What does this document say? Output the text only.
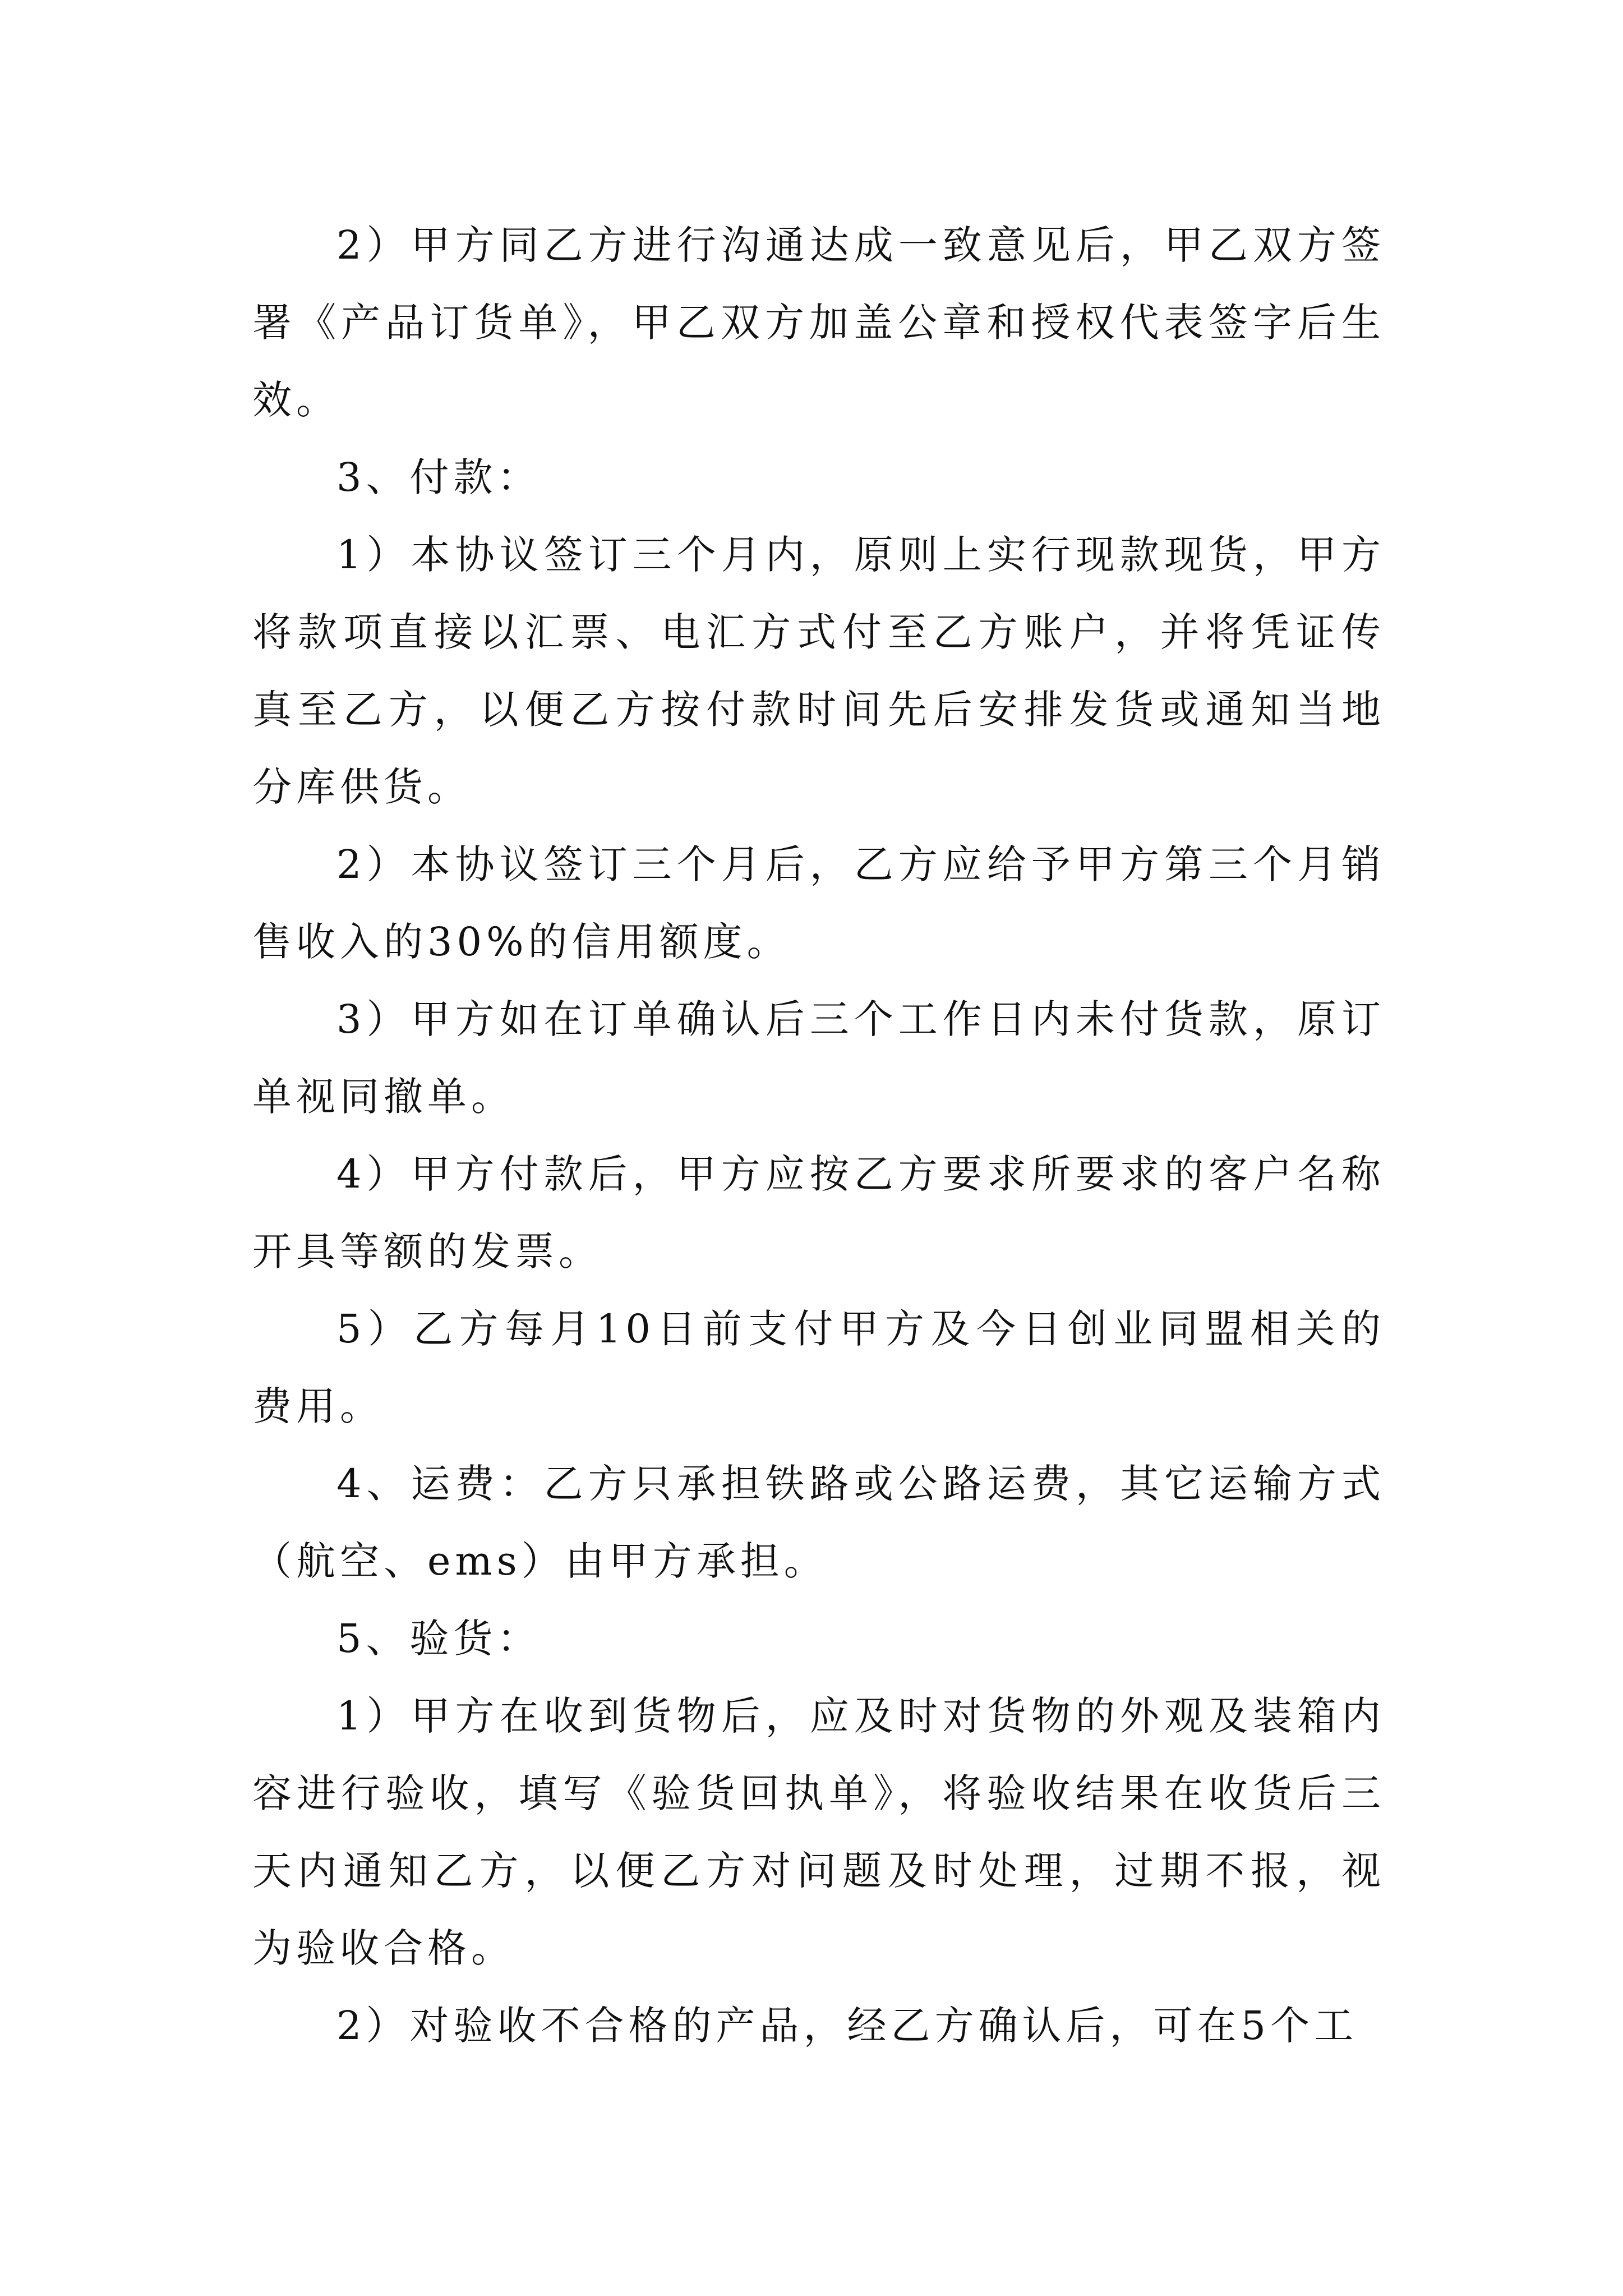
2）甲方同乙方进行沟通达成一致意见后，甲乙双方签署《产品订货单》，甲乙双方加盖公章和授权代表签字后生效。

3、付款：

1）本协议签订三个月内，原则上实行现款现货，甲方将款项直接以汇票、电汇方式付至乙方账户，并将凭证传真至乙方，以便乙方按付款时间先后安排发货或通知当地分库供货。

2）本协议签订三个月后，乙方应给予甲方第三个月销售收入的30%的信用额度。

3）甲方如在订单确认后三个工作日内未付货款，原订单视同撤单。

4）甲方付款后，甲方应按乙方要求所要求的客户名称开具等额的发票。

5）乙方每月10日前支付甲方及今日创业同盟相关的费用。

4、运费：乙方只承担铁路或公路运费，其它运输方式（航空、ems）由甲方承担。

5、验货：

1）甲方在收到货物后，应及时对货物的外观及装箱内容进行验收，填写《验货回执单》，将验收结果在收货后三天内通知乙方，以便乙方对问题及时处理，过期不报，视为验收合格。

2）对验收不合格的产品，经乙方确认后，可在5个工
